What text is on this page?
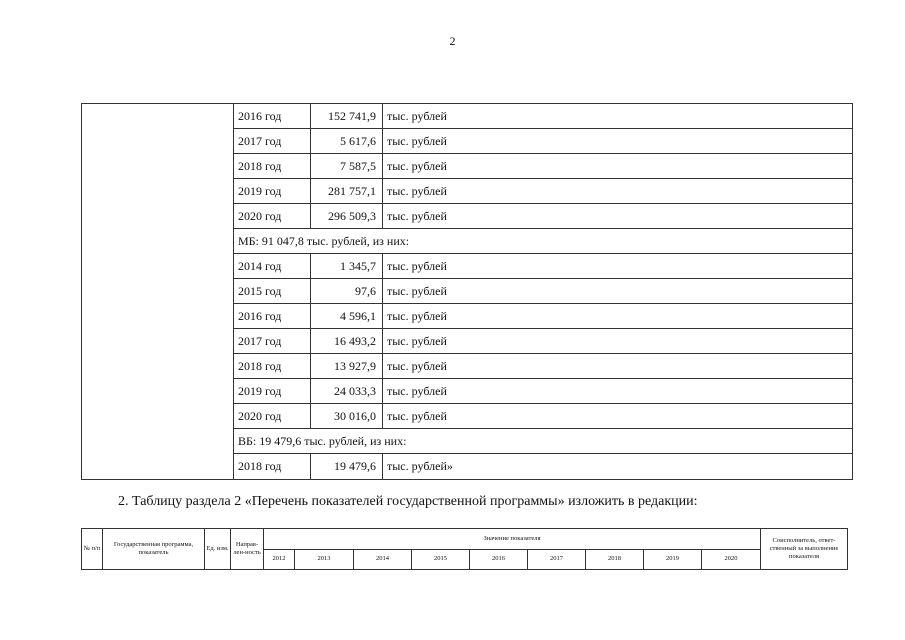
2
2016 год	152 741,9 тыс. рублей
2017 год	5 617,6 тыс. рублей
2018 год	7 587,5 тыс. рублей
2019 год	281 757,1 тыс. рублей
2020 год	296 509,3 тыс. рублей
МБ: 91 047,8 тыс. рублей, из них:
2014 год	1 345,7 тыс. рублей
2015 год	97,6 тыс. рублей
2016 год	4 596,1 тыс. рублей
2017 год	16 493,2 тыс. рублей
2018 год	13 927,9 тыс. рублей
2019 год	24 033,3 тыс. рублей
2020 год	30 016,0 тыс. рублей
ВБ: 19 479,6 тыс. рублей, из них:
2018 год	19 479,6 тыс. рублей»
2. Таблицу раздела 2 «Перечень показателей государственной программы» изложить в редакции:
№ п/п	Государственная программа, показатель	Ед. изм.	Направ-лен-ность	Значение показателя									Соисполнитель, ответ-ственный за выполнение показателя
				2012	2013	2014	2015	2016	2017	2018	2019	2020	
